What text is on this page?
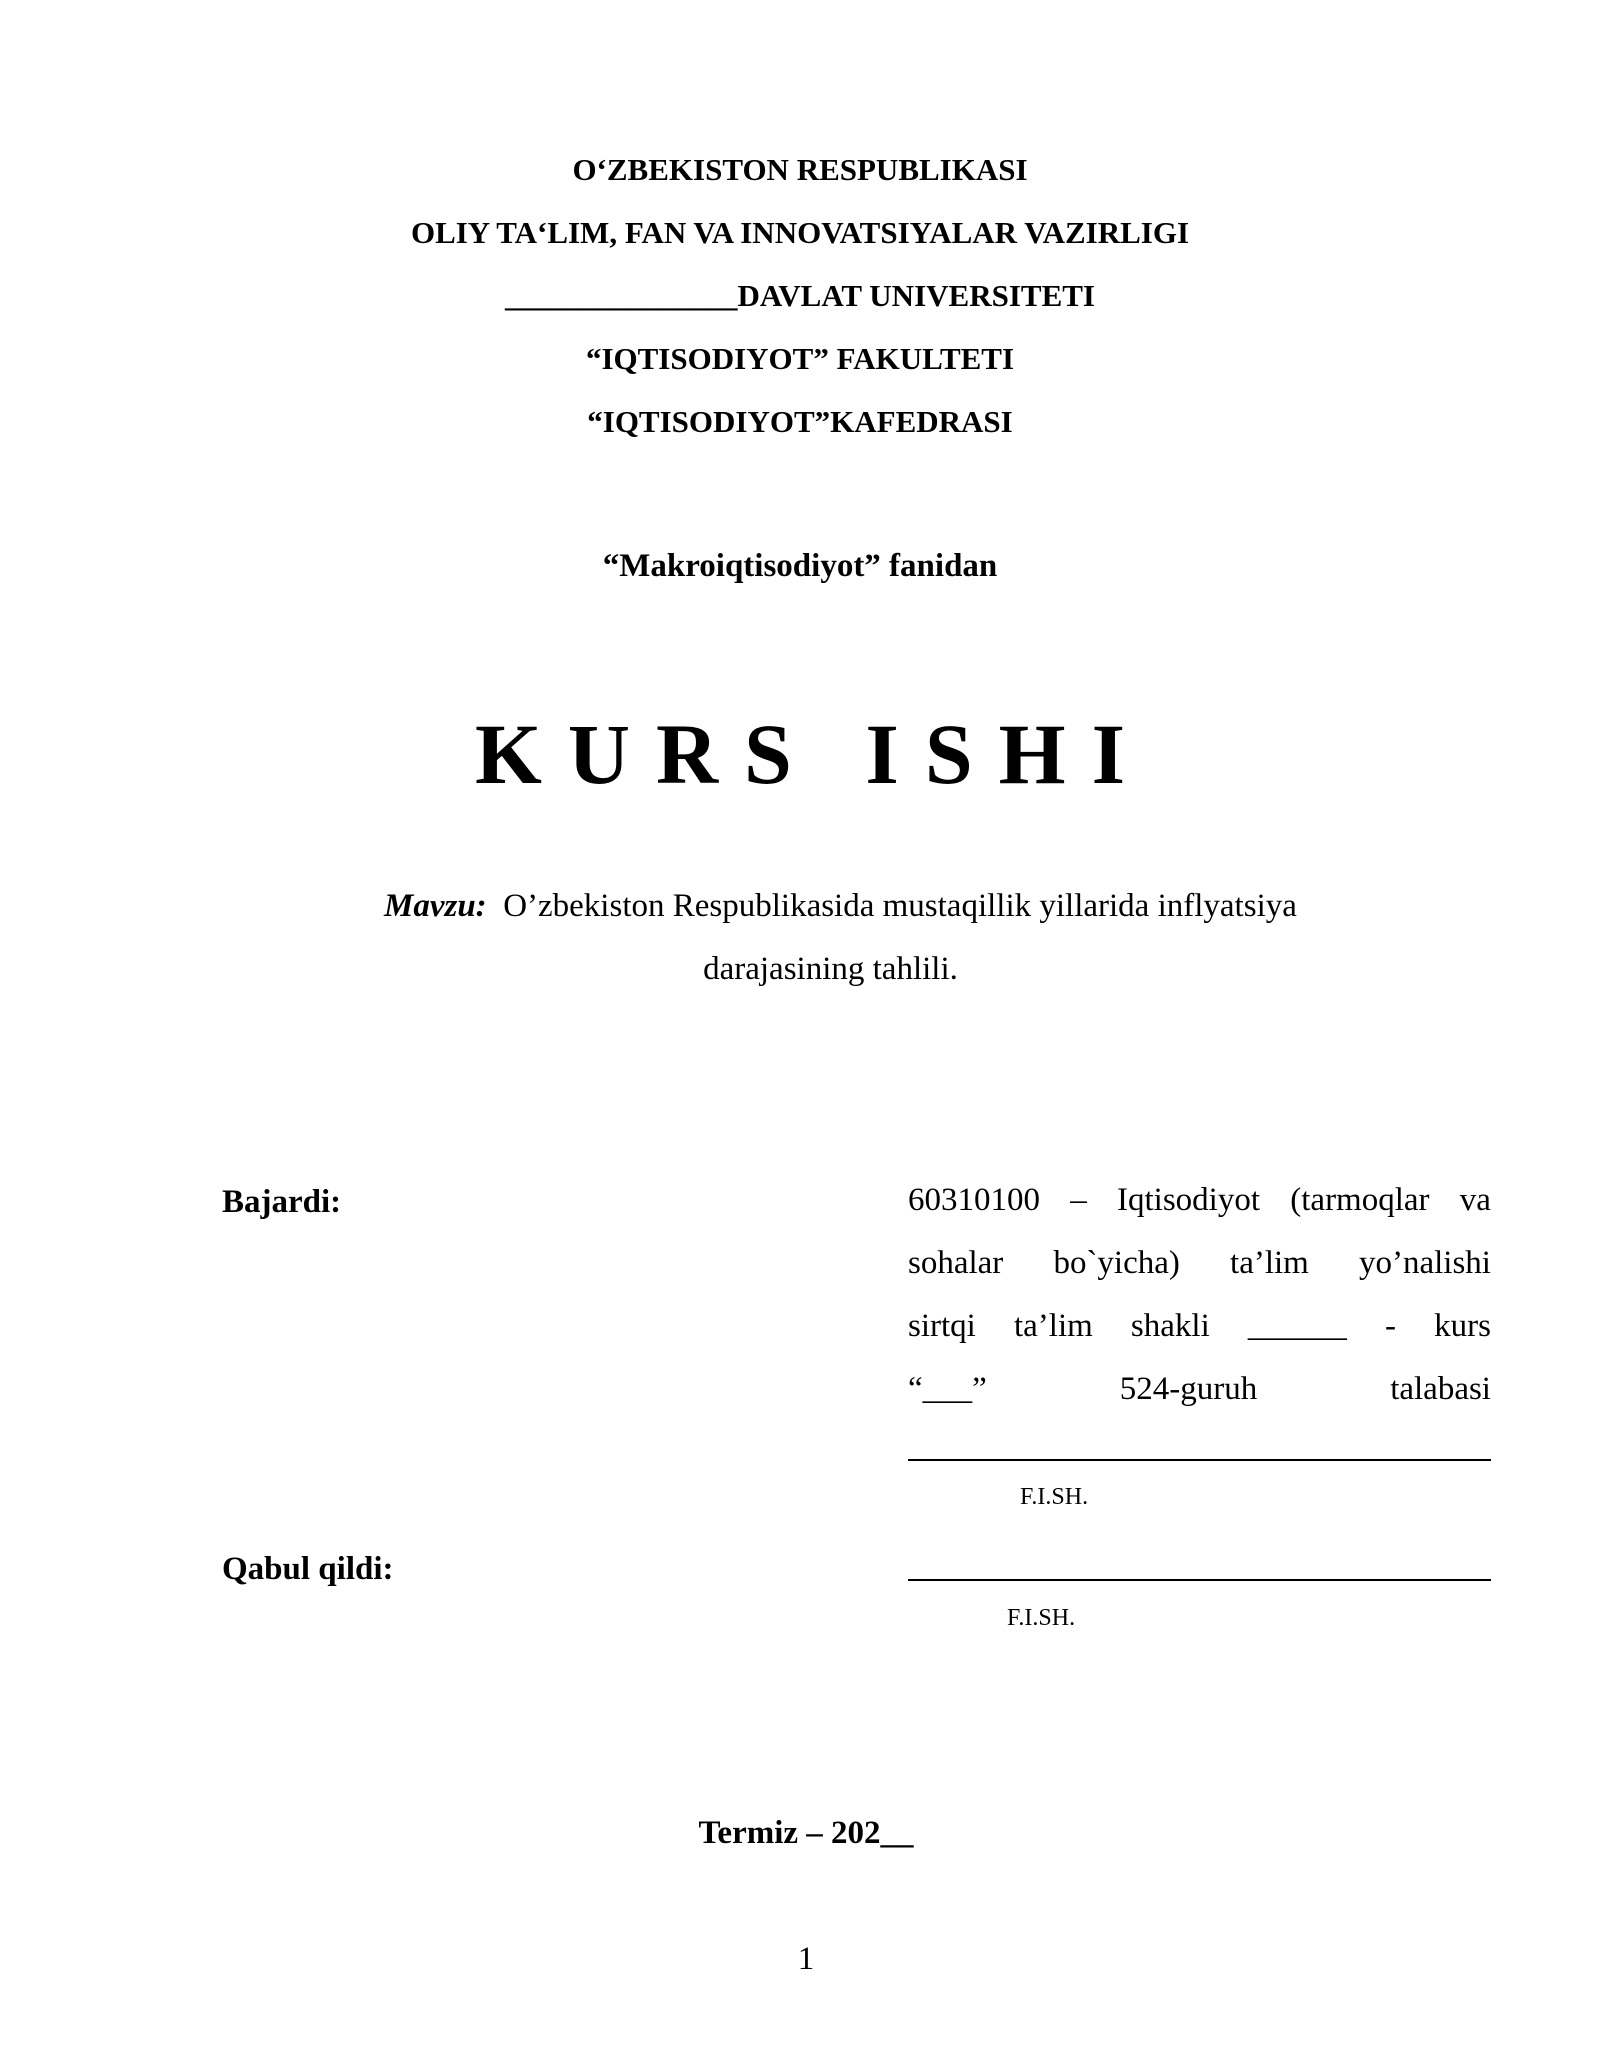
O‘ZBEKISTON RESPUBLIKASI
OLIY TA‘LIM, FAN VA INNOVATSIYALAR VAZIRLIGI
_______________DAVLAT UNIVERSITETI
“IQTISODIYOT” FAKULTETI
“IQTISODIYOT”KAFEDRASI
“Makroiqtisodiyot” fanidan
KURS ISHI
Mavzu: O’zbekiston Respublikasida mustaqillik yillarida inflyatsiya
darajasining tahlili.
Bajardi:	60310100 – Iqtisodiyot (tarmoqlar va
sohalar bo`yicha) ta’lim yo’nalishi
sirtqi ta’lim shakli ______ - kurs
“___”	524-guruh	talabasi
F.I.SH.
Qabul qildi:
F.I.SH.
Termiz – 202__
1
